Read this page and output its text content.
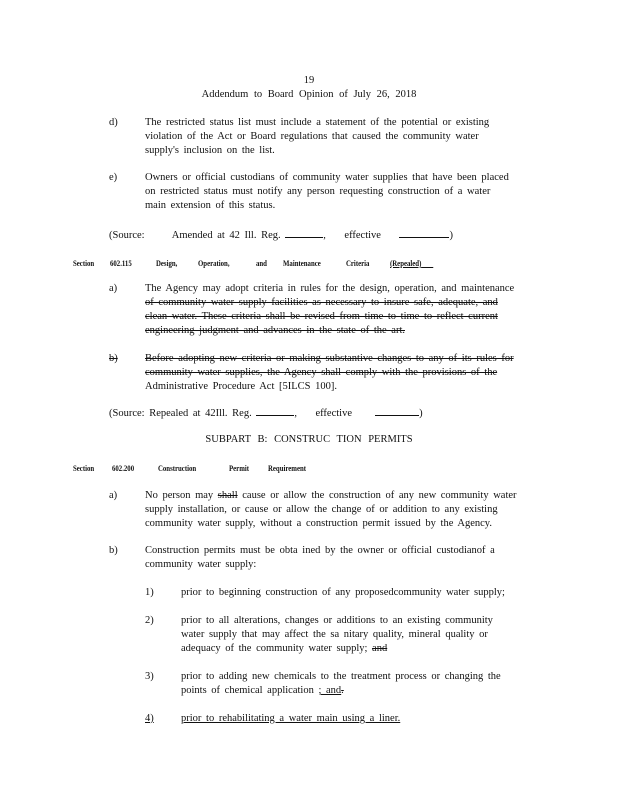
19
Addendum to Board Opinion of July 26, 2018
d)	The restricted status list must include a statement of the potential or existing
violation of the Act or Board regulations that caused the community water
supply's inclusion on the list.
e)	Owners or official custodians of community water supplies that have been placed
on restricted status must notify any person requesting construction of a water
main extension of this status.
(Source:	Amended at 42 Ill. Reg.	,    effective	)
Section 602.115	Design,	Operation,	and Maintenance	Criteria	(Repealed)
a)	The Agency may adopt criteria in rules for the design, operation, and maintenance
of community water supply facilities as necessary to insure safe, adequate, and
clean water. These criteria shall be revised from time to time to reflect current
engineering judgment and advances in the state of the art.
b)	Before adopting new criteria or making substantive changes to any of its rules for
community water supplies, the Agency shall comply with the provisions of the
Administrative Procedure Act [5ILCS 100].
(Source: Repealed at 42Ill. Reg.	,    effective	)
SUBPART B: CONSTRUC TION PERMITS
Section 602.200	Construction	Permit Requirement
a)	No person may shall cause or allow the construction of any new community water
supply installation, or cause or allow the change of or addition to any existing
community water supply, without a construction permit issued by the Agency.
b)	Construction permits must be obta ined by the owner or official custodianof a
community water supply:
1)	prior to beginning construction of any proposedcommunity water supply;
2)	prior to all alterations, changes or additions to an existing community
water supply that may affect the sa nitary quality, mineral quality or
adequacy of the community water supply; and
3)	prior to adding new chemicals to the treatment process or changing the
points of chemical application ; and.
4)	prior to rehabilitating a water main using a liner.
